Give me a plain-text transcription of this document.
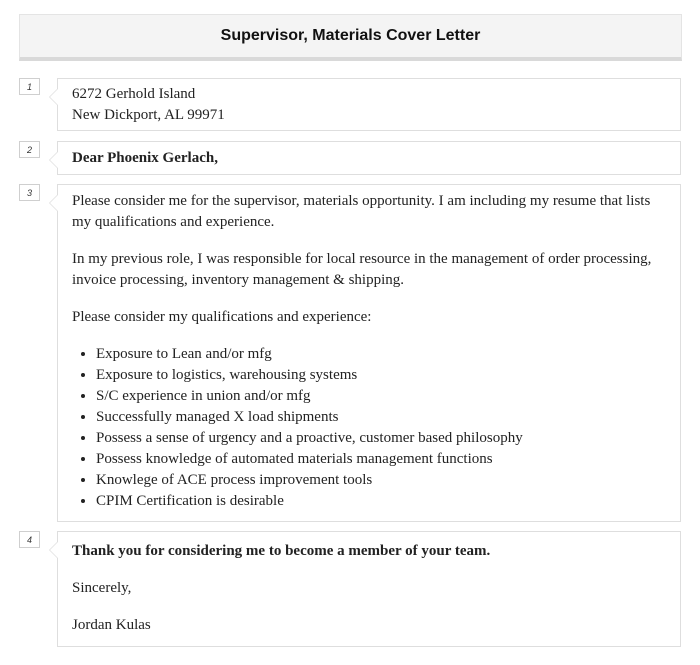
Supervisor, Materials Cover Letter
1	6272 Gerhold Island

New Dickport, AL 99971

2

Dear Phoenix Gerlach,

3

Please consider me for the supervisor, materials opportunity. I am including my resume that lists my qualifications and experience.

In my previous role, I was responsible for local resource in the management of order processing, invoice processing, inventory management & shipping.

Please consider my qualifications and experience:

• Exposure to Lean and/or mfg
• Exposure to logistics, warehousing systems
• S/C experience in union and/or mfg
• Successfully managed X load shipments
• Possess a sense of urgency and a proactive, customer based philosophy
• Possess knowledge of automated materials management functions
• Knowlege of ACE process improvement tools
• CPIM Certification is desirable
4

Thank you for considering me to become a member of your team.

Sincerely,

Jordan Kulas
